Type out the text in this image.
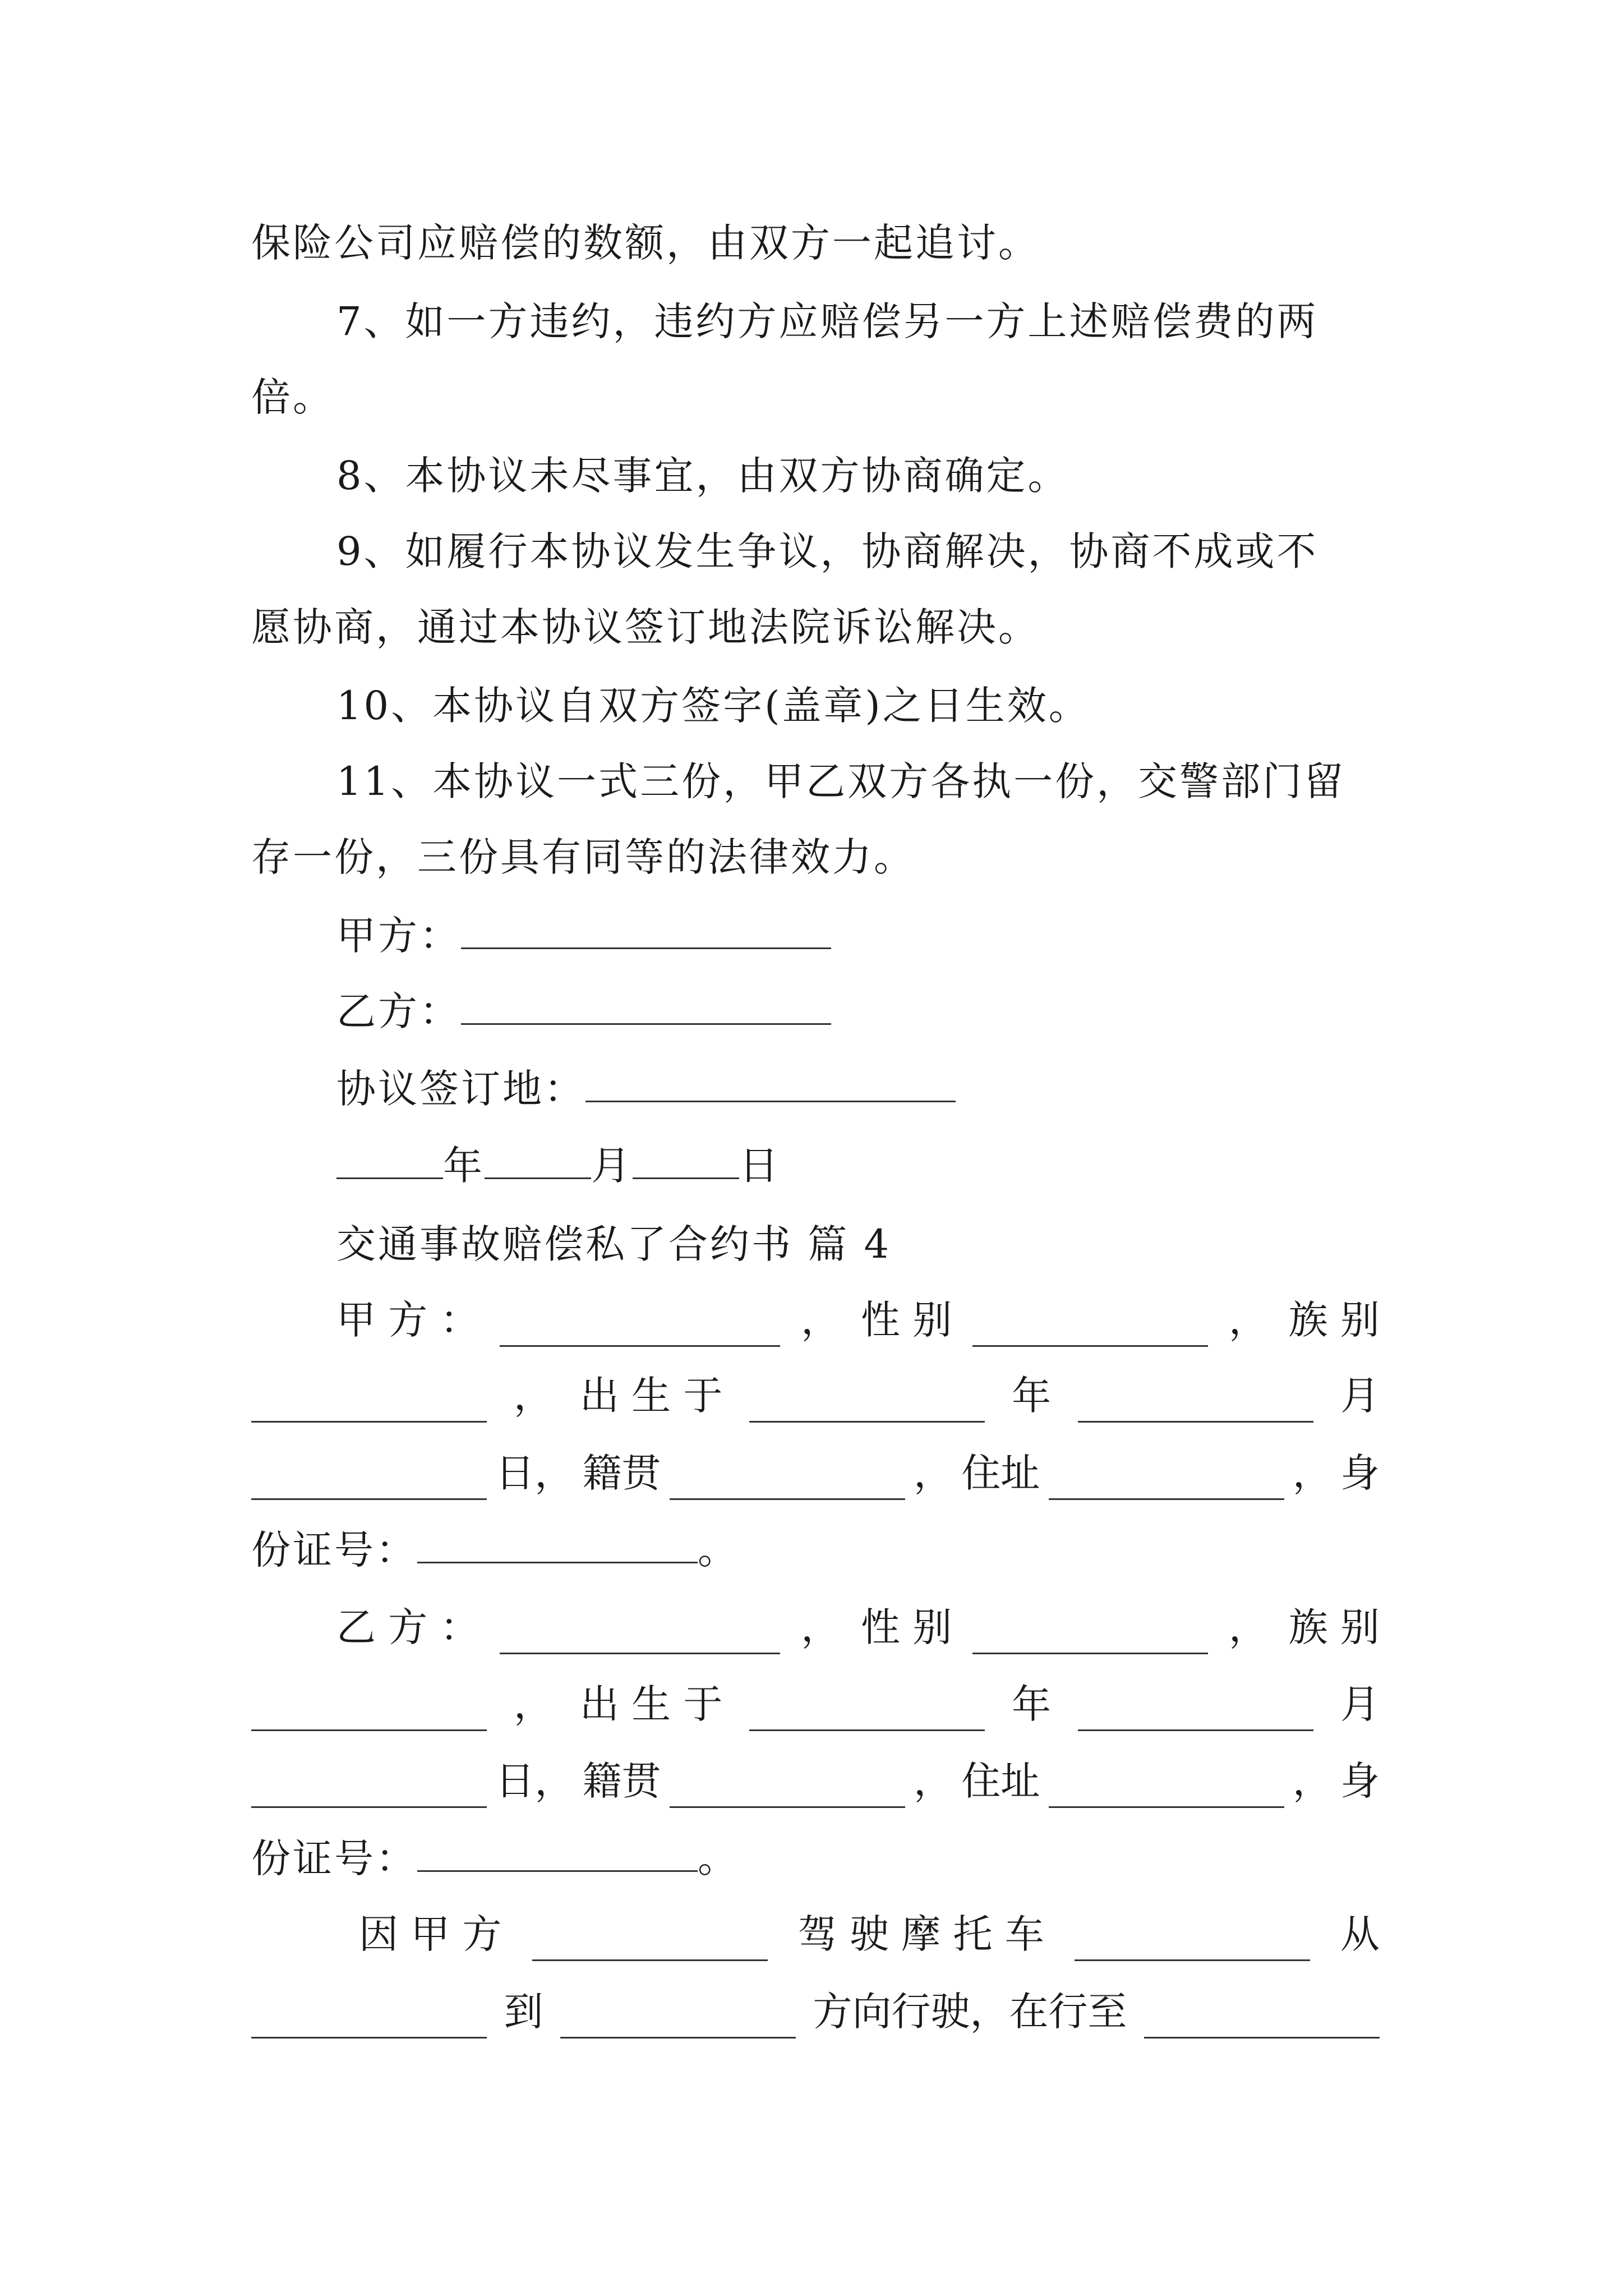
保险公司应赔偿的数额，由双方一起追讨。
7、如一方违约，违约方应赔偿另一方上述赔偿费的两
倍。
8、本协议未尽事宜，由双方协商确定。
9、如履行本协议发生争议，协商解决，协商不成或不
愿协商，通过本协议签订地法院诉讼解决。
10、本协议自双方签字(盖章)之日生效。
11、本协议一式三份，甲乙双方各执一份，交警部门留
存一份，三份具有同等的法律效力。
甲方：
乙方：
协议签订地：
年	月	日
交通事故赔偿私了合约书 篇 4
甲 方 ：	， 性 别	， 族 别
， 出 生 于	年	月
日， 籍贯	， 住址	， 身
份证号：	。
乙 方 ：	， 性 别	， 族 别
， 出 生 于	年	月
日， 籍贯	， 住址	， 身
份证号：	。
因 甲 方	驾 驶 摩 托 车	从
到	方向行驶，在行至
